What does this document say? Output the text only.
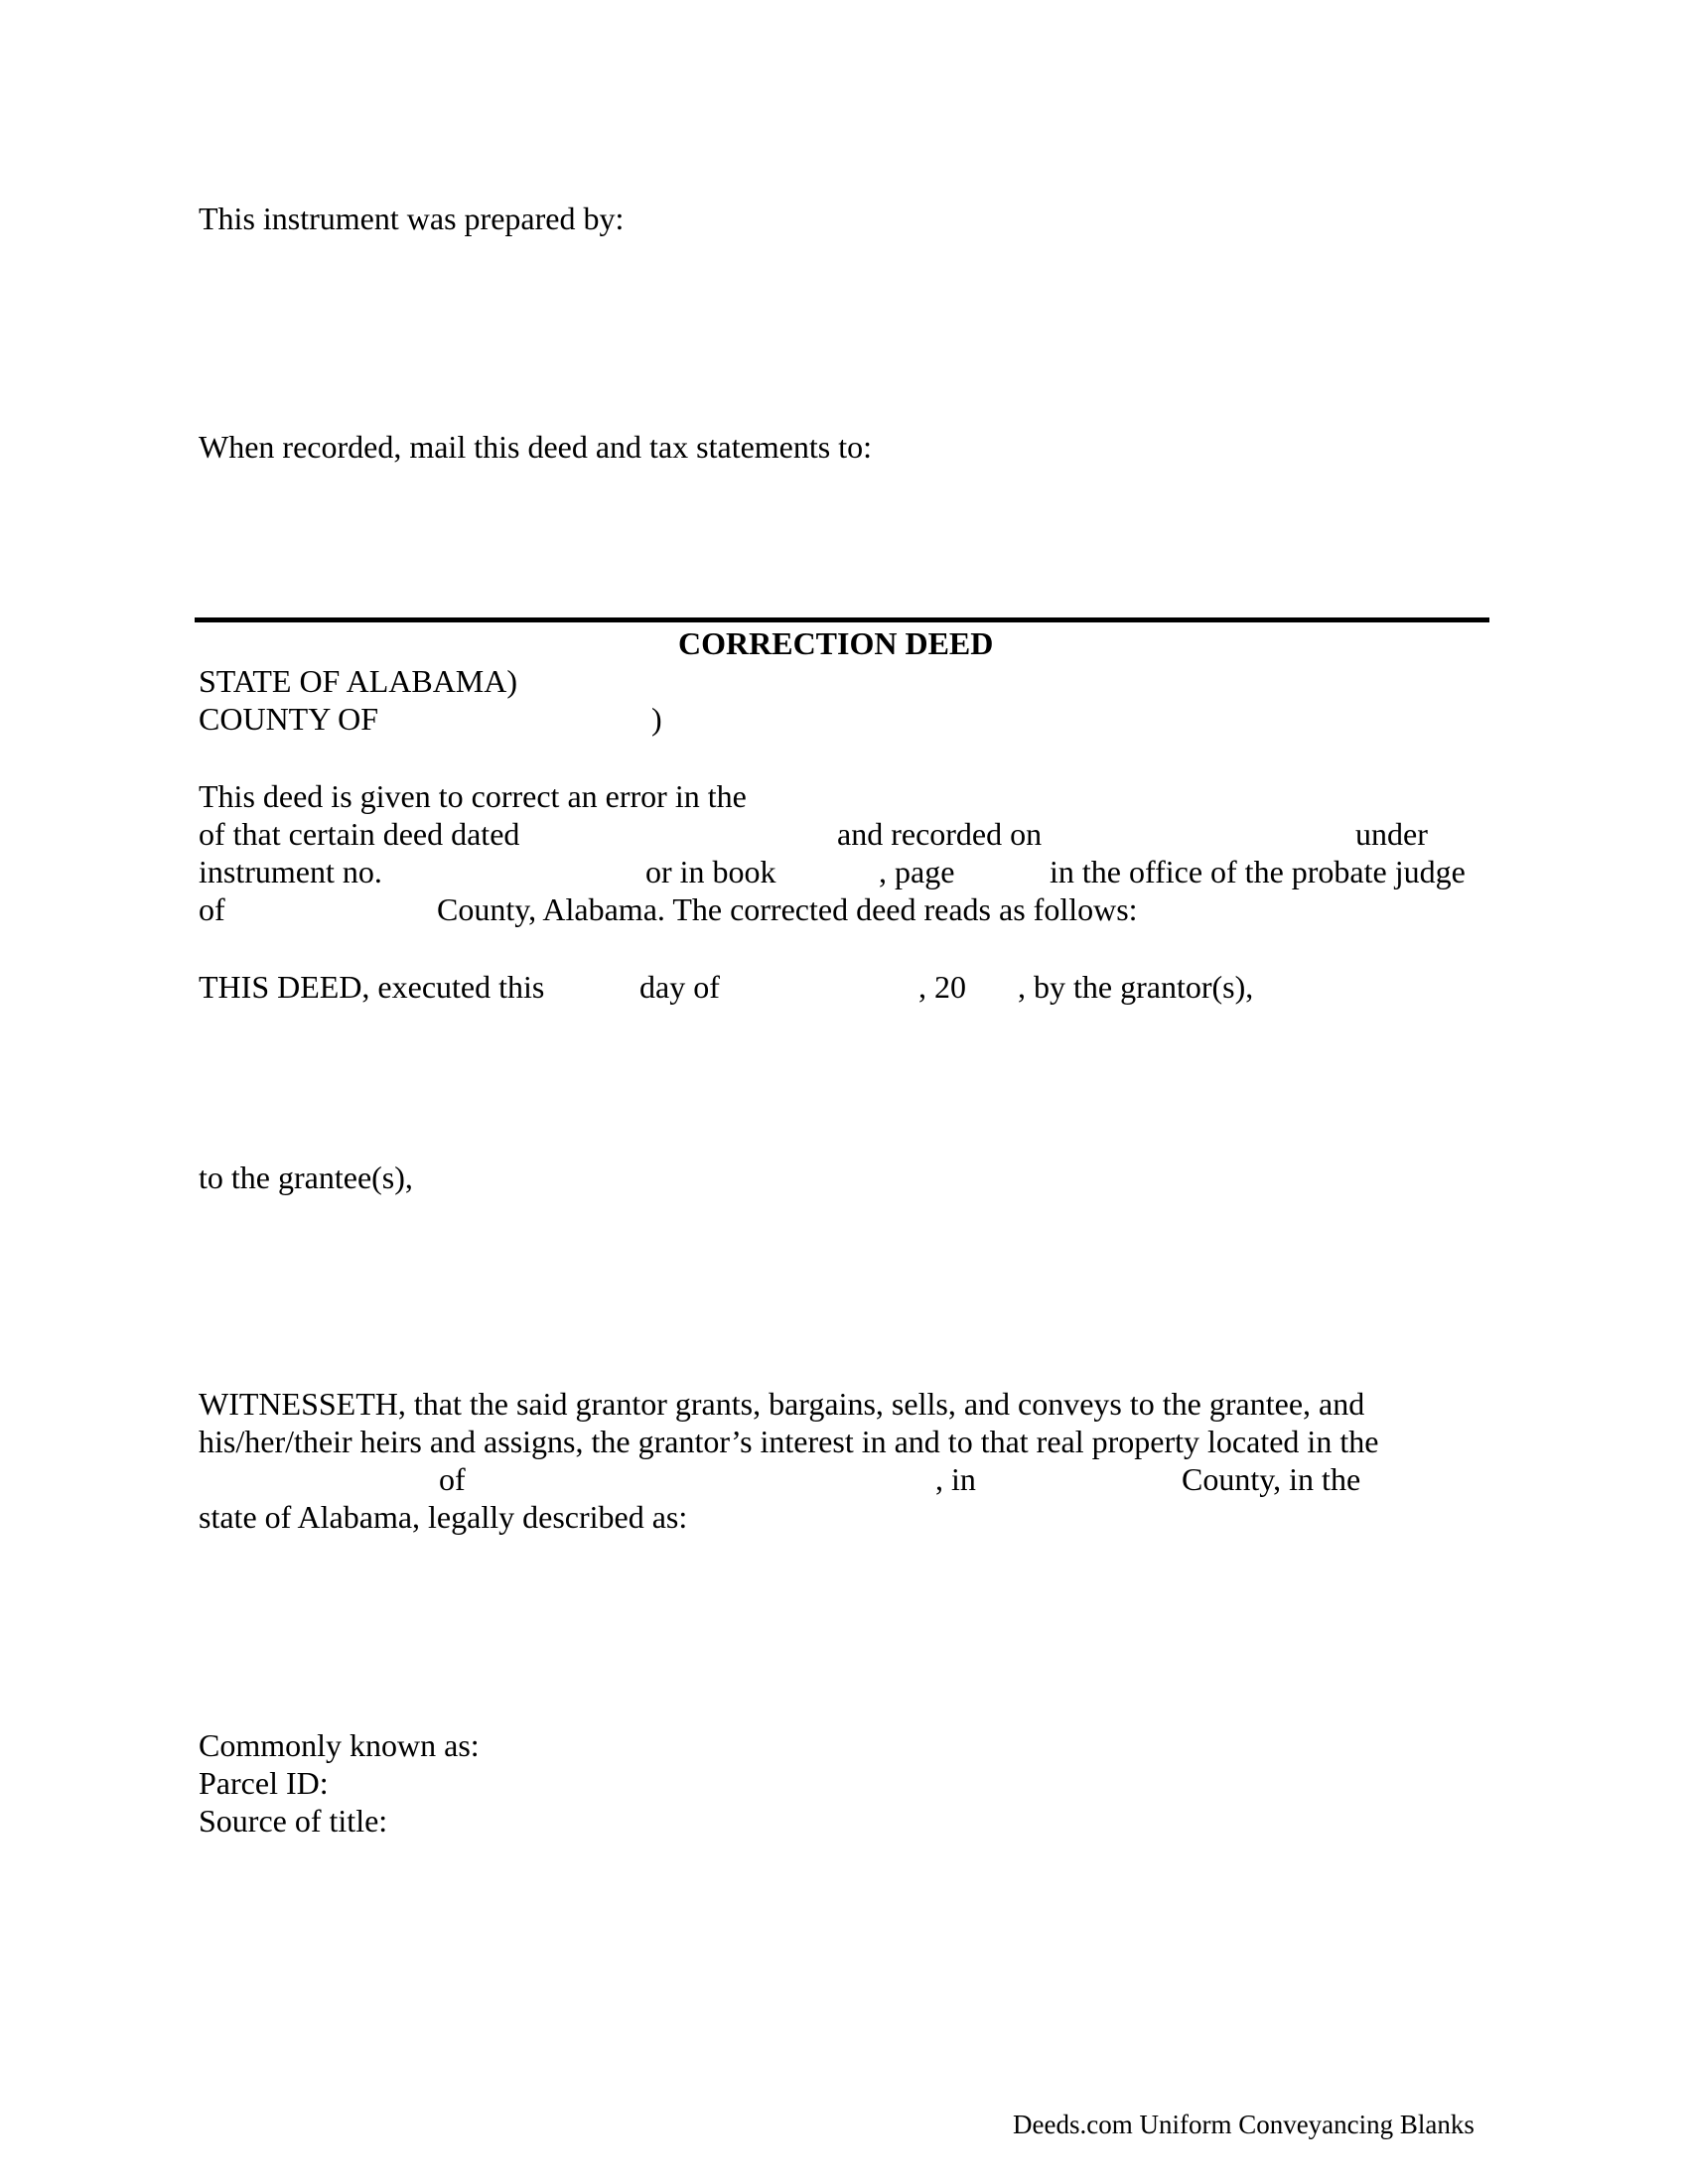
This instrument was prepared by:
When recorded, mail this deed and tax statements to:
CORRECTION DEED
STATE OF ALABAMA)
COUNTY OF	)
This deed is given to correct an error in the
of that certain deed dated	and recorded on	under
instrument no.	or in book	, page	in the office of the probate judge
of	County, Alabama. The corrected deed reads as follows:
THIS DEED, executed this	day of	, 20 , by the grantor(s),
to the grantee(s),
WITNESSETH, that the said grantor grants, bargains, sells, and conveys to the grantee, and
his/her/their heirs and assigns, the grantor’s interest in and to that real property located in the
of	, in	County, in the
state of Alabama, legally described as:
Commonly known as:
Parcel ID:
Source of title:
Deeds.com Uniform Conveyancing Blanks
